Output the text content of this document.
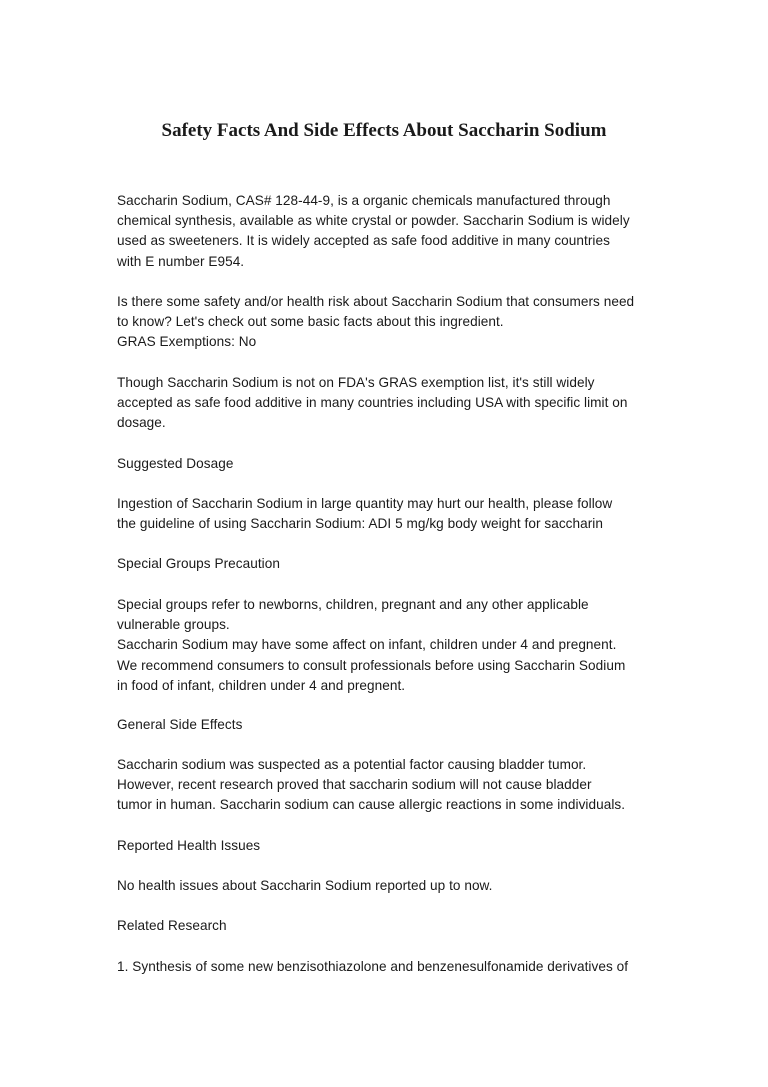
Safety Facts And Side Effects About Saccharin Sodium

Saccharin Sodium, CAS# 128-44-9, is a organic chemicals manufactured through
chemical synthesis, available as white crystal or powder. Saccharin Sodium is widely
used as sweeteners. It is widely accepted as safe food additive in many countries
with E number E954.

Is there some safety and/or health risk about Saccharin Sodium that consumers need
to know? Let's check out some basic facts about this ingredient.
GRAS Exemptions: No

Though Saccharin Sodium is not on FDA's GRAS exemption list, it's still widely
accepted as safe food additive in many countries including USA with specific limit on
dosage.

Suggested Dosage

Ingestion of Saccharin Sodium in large quantity may hurt our health, please follow
the guideline of using Saccharin Sodium: ADI 5 mg/kg body weight for saccharin

Special Groups Precaution

Special groups refer to newborns, children, pregnant and any other applicable
vulnerable groups.
Saccharin Sodium may have some affect on infant, children under 4 and pregnent.
We recommend consumers to consult professionals before using Saccharin Sodium
in food of infant, children under 4 and pregnent.

General Side Effects

Saccharin sodium was suspected as a potential factor causing bladder tumor.
However, recent research proved that saccharin sodium will not cause bladder
tumor in human. Saccharin sodium can cause allergic reactions in some individuals.

Reported Health Issues

No health issues about Saccharin Sodium reported up to now.

Related Research

1. Synthesis of some new benzisothiazolone and benzenesulfonamide derivatives of
